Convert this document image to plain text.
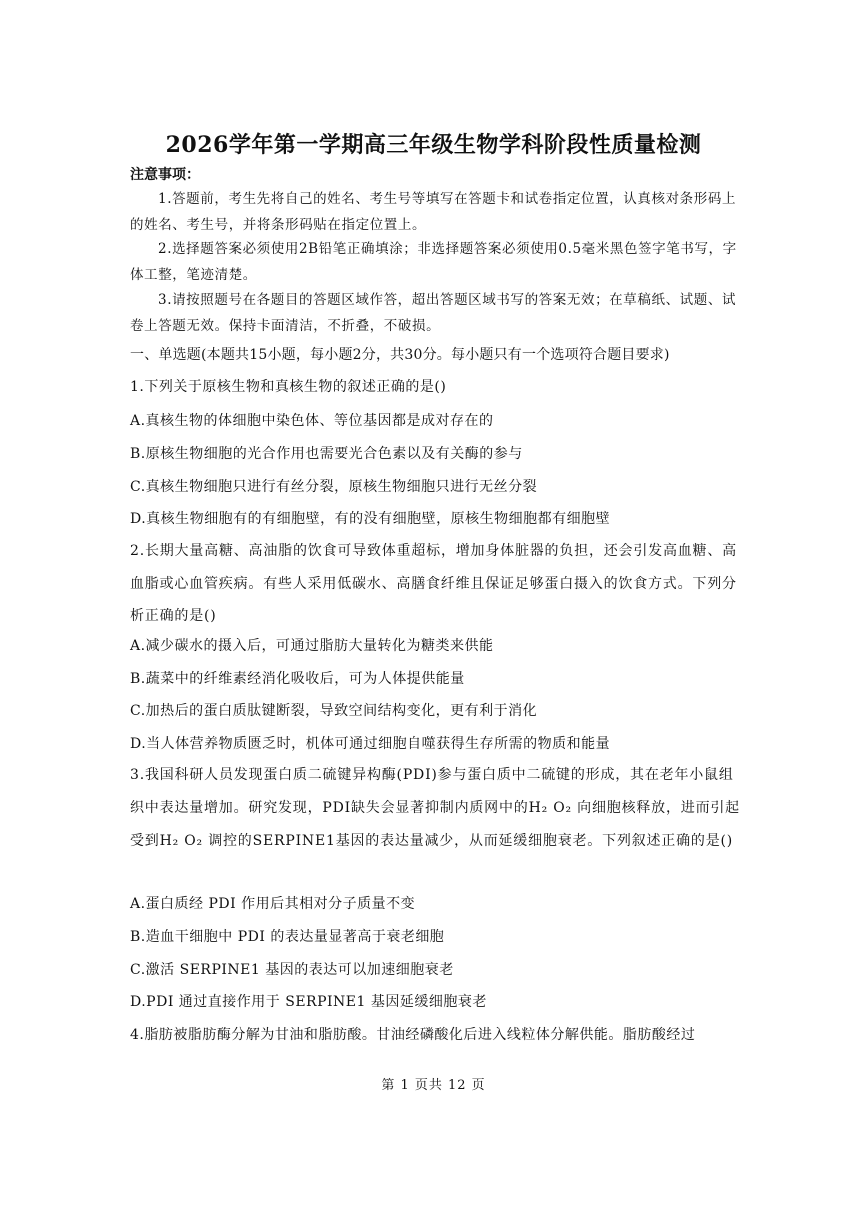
2026学年第一学期高三年级生物学科阶段性质量检测
注意事项：
1.答题前，考生先将自己的姓名、考生号等填写在答题卡和试卷指定位置，认真核对条形码上的姓名、考生号，并将条形码贴在指定位置上。
2.选择题答案必须使用2B铅笔正确填涂；非选择题答案必须使用0.5毫米黑色签字笔书写，字体工整，笔迹清楚。
3.请按照题号在各题目的答题区域作答，超出答题区域书写的答案无效；在草稿纸、试题、试卷上答题无效。保持卡面清洁，不折叠，不破损。
一、单选题(本题共15小题，每小题2分，共30分。每小题只有一个选项符合题目要求)
1.下列关于原核生物和真核生物的叙述正确的是()
A.真核生物的体细胞中染色体、等位基因都是成对存在的
B.原核生物细胞的光合作用也需要光合色素以及有关酶的参与
C.真核生物细胞只进行有丝分裂，原核生物细胞只进行无丝分裂
D.真核生物细胞有的有细胞壁，有的没有细胞壁，原核生物细胞都有细胞壁
2.长期大量高糖、高油脂的饮食可导致体重超标，增加身体脏器的负担，还会引发高血糖、高血脂或心血管疾病。有些人采用低碳水、高膳食纤维且保证足够蛋白摄入的饮食方式。下列分析正确的是()
A.减少碳水的摄入后，可通过脂肪大量转化为糖类来供能
B.蔬菜中的纤维素经消化吸收后，可为人体提供能量
C.加热后的蛋白质肽键断裂，导致空间结构变化，更有利于消化
D.当人体营养物质匮乏时，机体可通过细胞自噬获得生存所需的物质和能量
3.我国科研人员发现蛋白质二硫键异构酶(PDI)参与蛋白质中二硫键的形成，其在老年小鼠组织中表达量增加。研究发现，PDI缺失会显著抑制内质网中的H₂ O₂ 向细胞核释放，进而引起受到H₂ O₂ 调控的SERPINE1基因的表达量减少，从而延缓细胞衰老。下列叙述正确的是()
A.蛋白质经 PDI 作用后其相对分子质量不变
B.造血干细胞中 PDI 的表达量显著高于衰老细胞
C.激活 SERPINE1 基因的表达可以加速细胞衰老
D.PDI 通过直接作用于 SERPINE1 基因延缓细胞衰老
4.脂肪被脂肪酶分解为甘油和脂肪酸。甘油经磷酸化后进入线粒体分解供能。脂肪酸经过
第 1 页共 12 页
